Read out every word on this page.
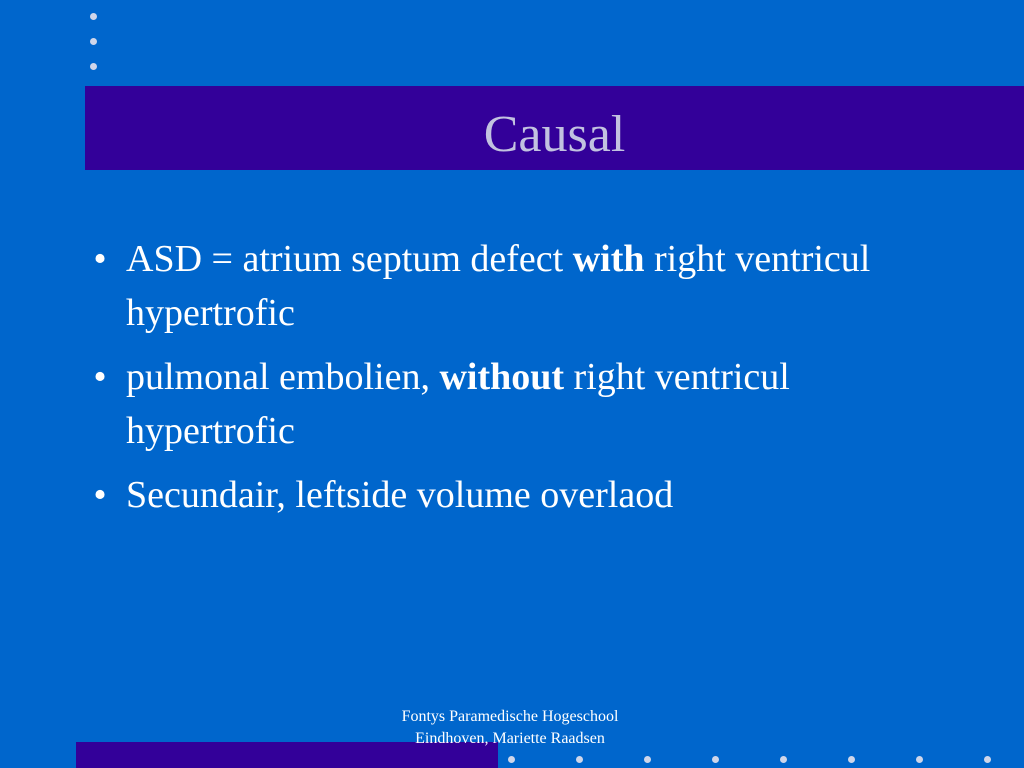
Causal
• ASD = atrium septum defect with right ventricul hypertrofic
• pulmonal embolien, without right ventricul hypertrofic
• Secundair, leftside volume overlaod
Fontys Paramedische Hogeschool
Eindhoven, Mariette Raadsen
